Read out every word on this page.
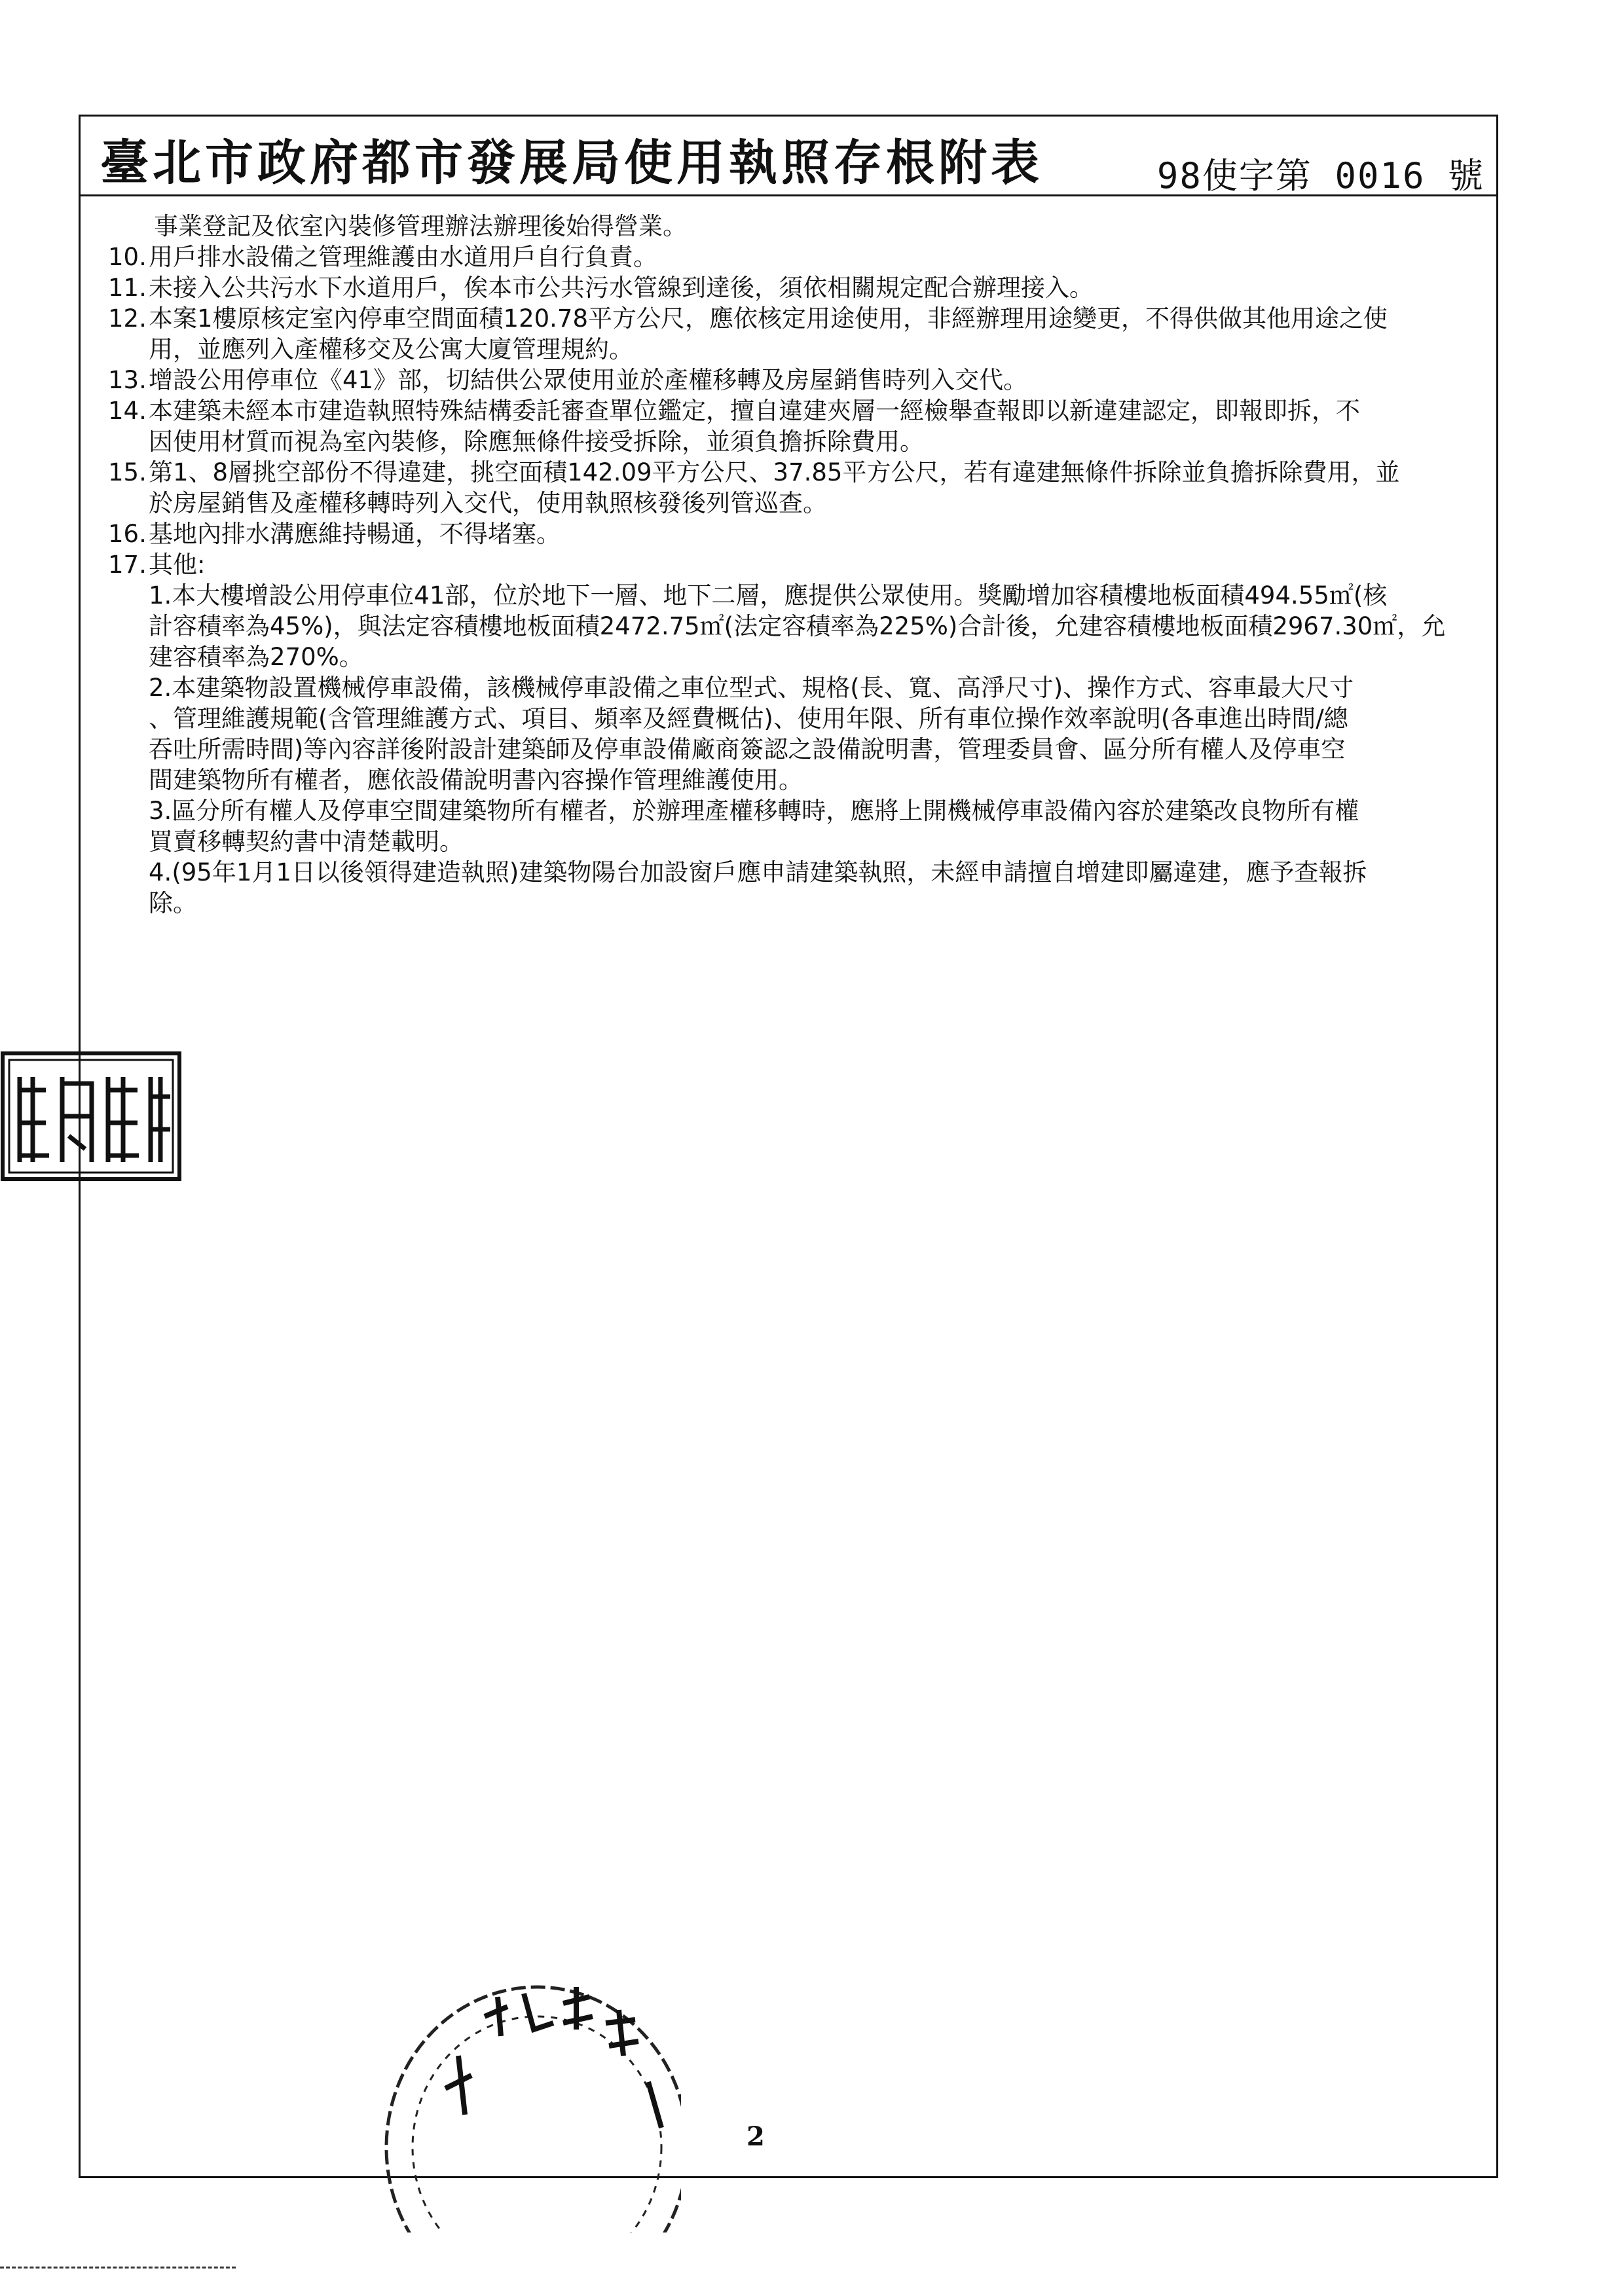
臺北市政府都市發展局使用執照存根附表	98使字第 0016 號
事業登記及依室內裝修管理辦法辦理後始得營業。
10. 用戶排水設備之管理維護由水道用戶自行負責。
11. 未接入公共污水下水道用戶，俟本市公共污水管線到達後，須依相關規定配合辦理接入。
12. 本案1樓原核定室內停車空間面積120.78平方公尺，應依核定用途使用，非經辦理用途變更，不得供做其他用途之使
用，並應列入產權移交及公寓大廈管理規約。
13. 增設公用停車位《41》部，切結供公眾使用並於產權移轉及房屋銷售時列入交代。
14. 本建築未經本市建造執照特殊結構委託審查單位鑑定，擅自違建夾層一經檢舉查報即以新違建認定，即報即拆，不
因使用材質而視為室內裝修，除應無條件接受拆除，並須負擔拆除費用。
15. 第1、8層挑空部份不得違建，挑空面積142.09平方公尺、37.85平方公尺，若有違建無條件拆除並負擔拆除費用，並
於房屋銷售及產權移轉時列入交代，使用執照核發後列管巡查。
16. 基地內排水溝應維持暢通，不得堵塞。
17. 其他:
1. 本大樓增設公用停車位41部，位於地下一層、地下二層，應提供公眾使用。獎勵增加容積樓地板面積494.55㎡(核
計容積率為45%)，與法定容積樓地板面積2472.75㎡(法定容積率為225%)合計後，允建容積樓地板面積2967.30㎡，允
建容積率為270%。
2. 本建築物設置機械停車設備，該機械停車設備之車位型式、規格(長、寬、高淨尺寸)、操作方式、容車最大尺寸
、管理維護規範(含管理維護方式、項目、頻率及經費概估)、使用年限、所有車位操作效率說明(各車進出時間/總
吞吐所需時間)等內容詳後附設計建築師及停車設備廠商簽認之設備說明書，管理委員會、區分所有權人及停車空
間建築物所有權者，應依設備說明書內容操作管理維護使用。
3. 區分所有權人及停車空間建築物所有權者，於辦理產權移轉時，應將上開機械停車設備內容於建築改良物所有權
買賣移轉契約書中清楚載明。
4. (95年1月1日以後領得建造執照)建築物陽台加設窗戶應申請建築執照，未經申請擅自增建即屬違建，應予查報拆
除。
2
